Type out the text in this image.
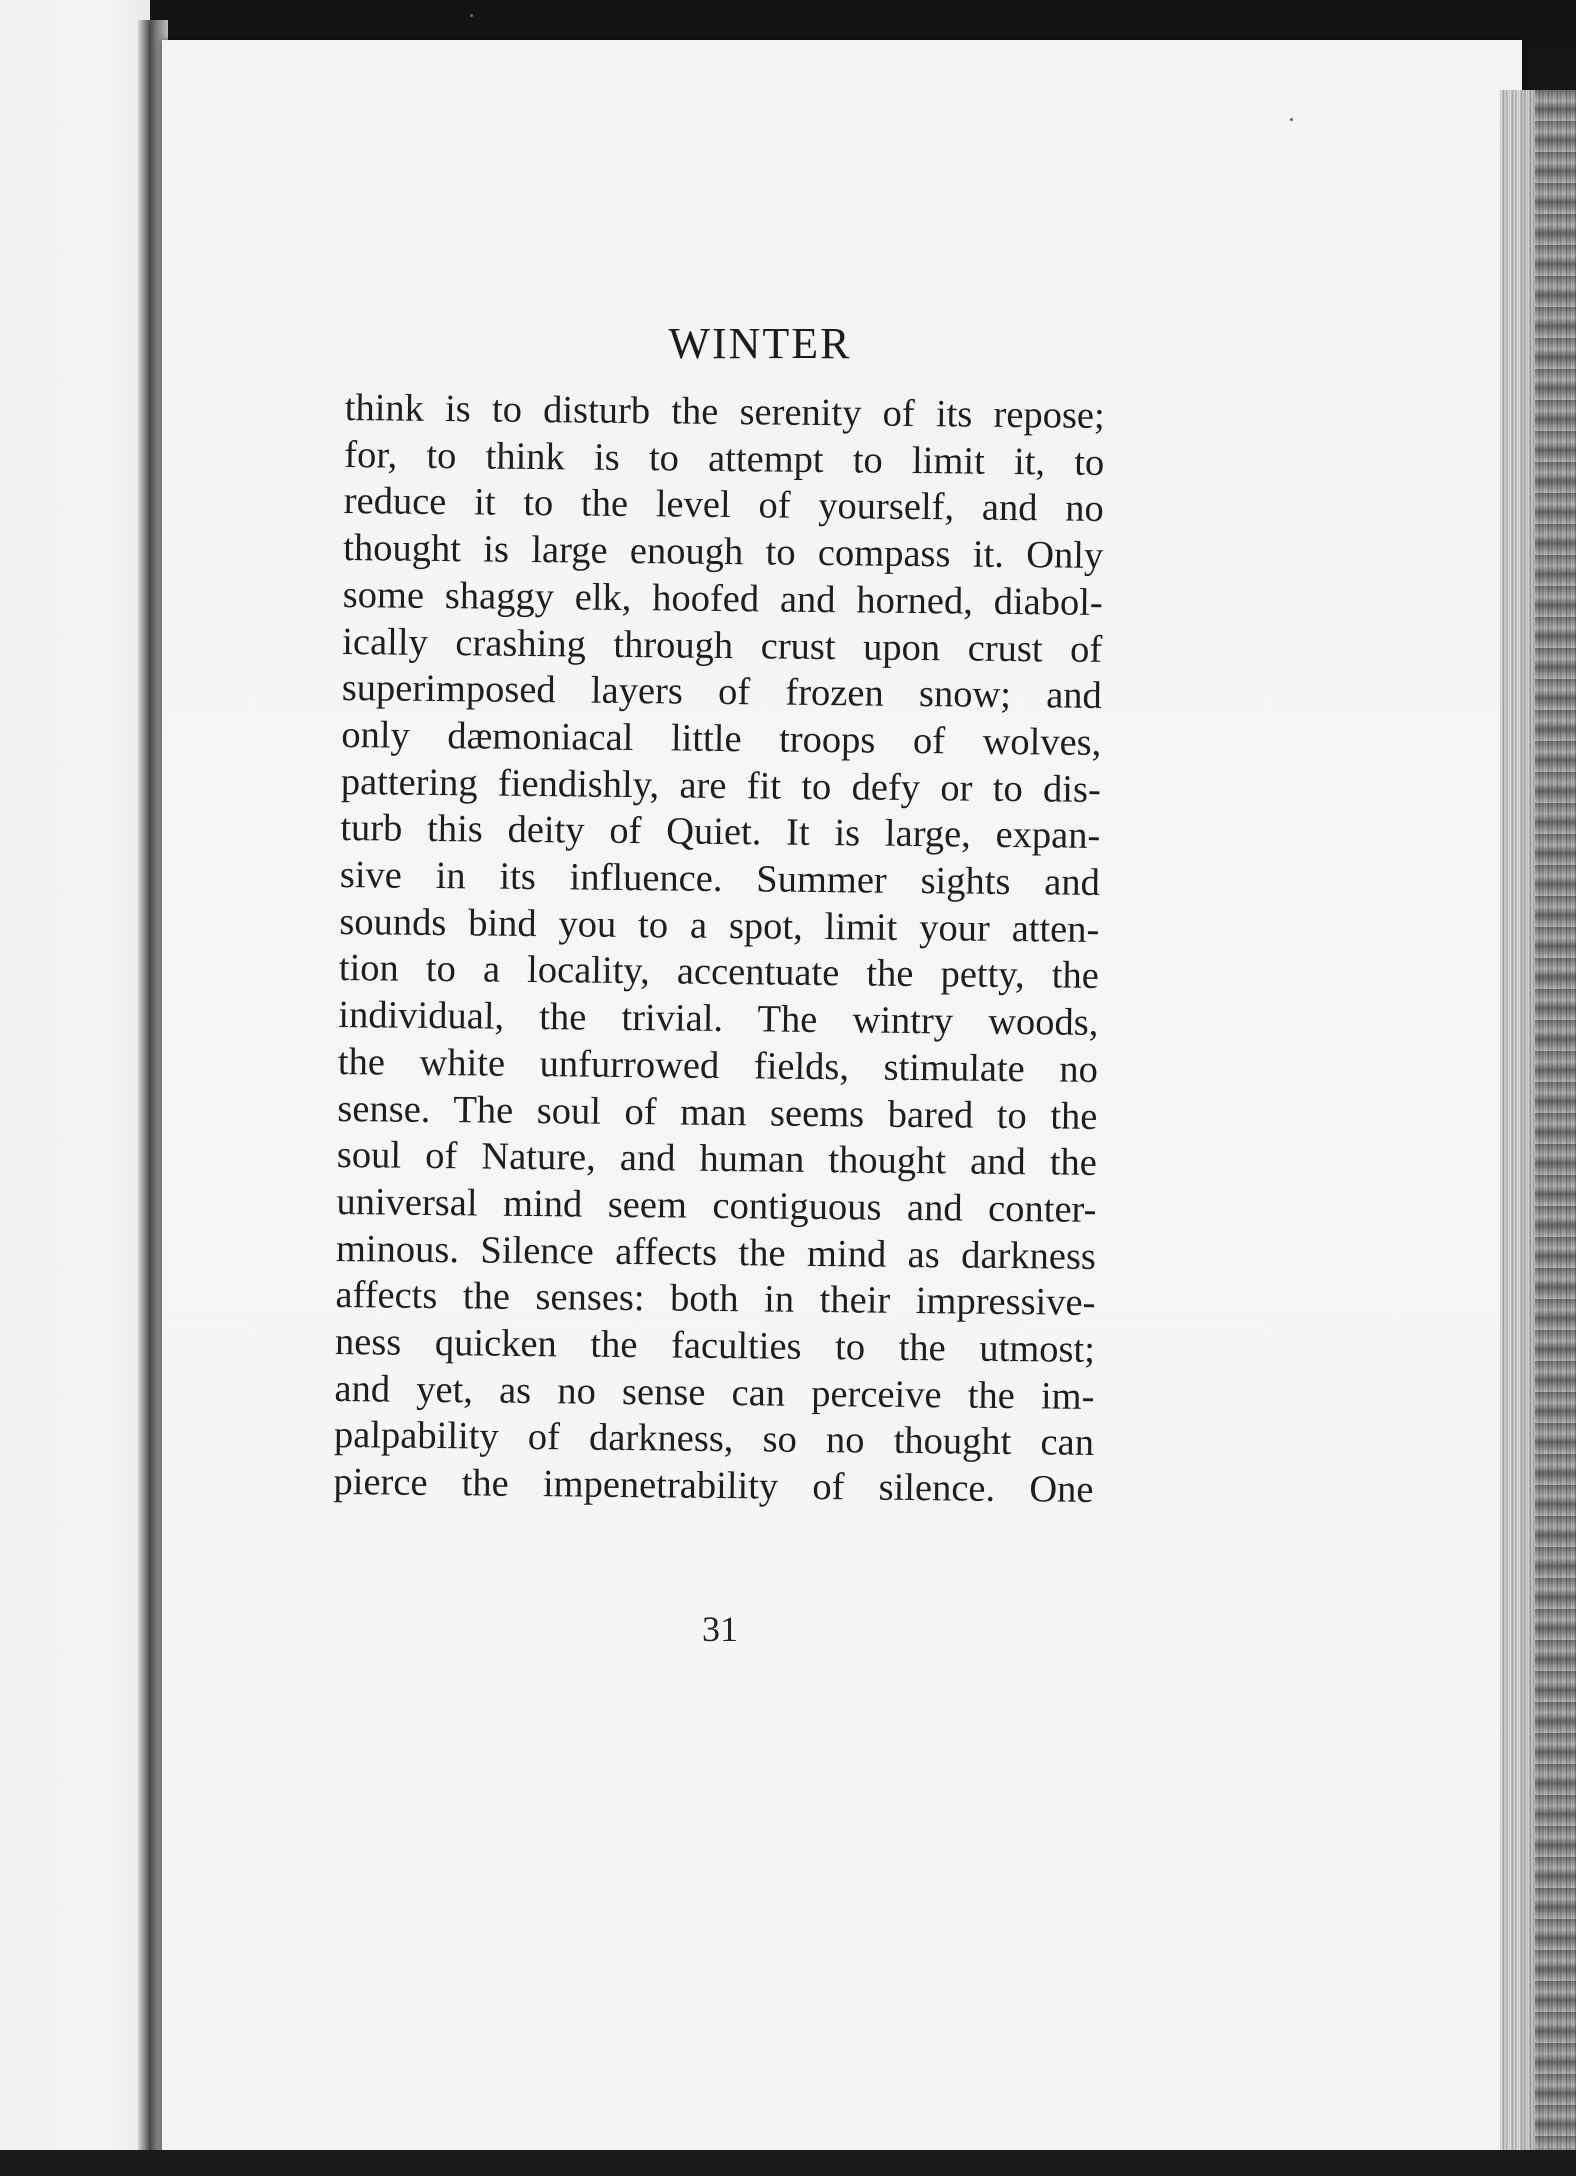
WINTER
think is to disturb the serenity of its repose;
for, to think is to attempt to limit it, to
reduce it to the level of yourself, and no
thought is large enough to compass it. Only
some shaggy elk, hoofed and horned, diabol-
ically crashing through crust upon crust of
superimposed layers of frozen snow; and
only dæmoniacal little troops of wolves,
pattering fiendishly, are fit to defy or to dis-
turb this deity of Quiet. It is large, expan-
sive in its influence. Summer sights and
sounds bind you to a spot, limit your atten-
tion to a locality, accentuate the petty, the
individual, the trivial. The wintry woods,
the white unfurrowed fields, stimulate no
sense. The soul of man seems bared to the
soul of Nature, and human thought and the
universal mind seem contiguous and conter-
minous. Silence affects the mind as darkness
affects the senses: both in their impressive-
ness quicken the faculties to the utmost;
and yet, as no sense can perceive the im-
palpability of darkness, so no thought can
pierce the impenetrability of silence. One
31
